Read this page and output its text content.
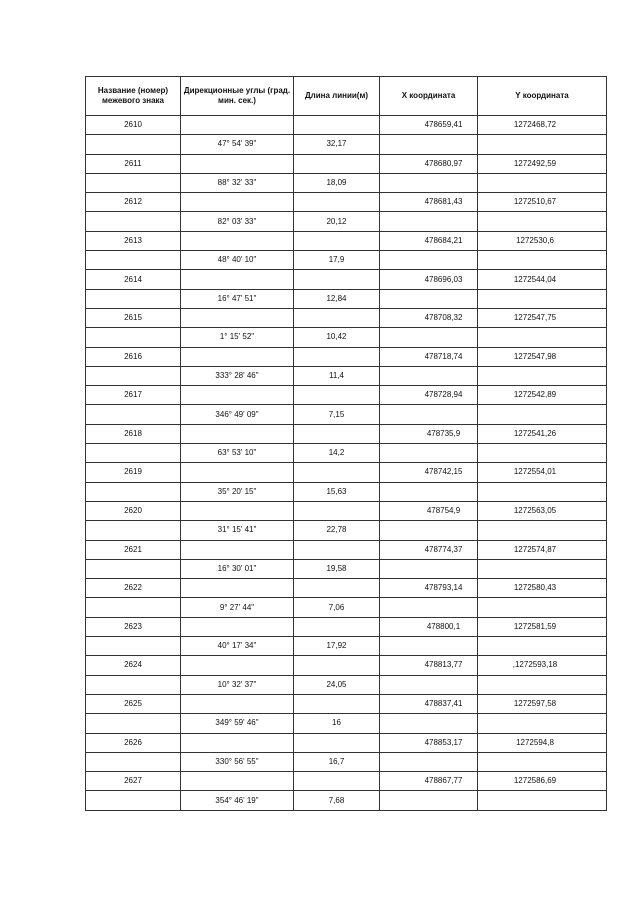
Название (номер) межевого знака	Дирекционные углы (град. мин. сек.)	Длина линии(м)	X координата	Y координата
2610			478659,41	1272468,72
	47° 54' 39"	32,17		
2611			478680,97	1272492,59
	88° 32' 33"	18,09		
2612			478681,43	1272510,67
	82° 03' 33"	20,12		
2613			478684,21	1272530,6
	48° 40' 10"	17,9		
2614			478696,03	1272544,04
	16° 47' 51"	12,84		
2615			478708,32	1272547,75
	1° 15' 52"	10,42		
2616			478718,74	1272547,98
	333° 28' 46"	11,4		
2617			478728,94	1272542,89
	346° 49' 09"	7,15		
2618			478735,9	1272541,26
	63° 53' 10"	14,2		
2619			478742,15	1272554,01
	35° 20' 15"	15,63		
2620			478754,9	1272563,05
	31° 15' 41"	22,78		
2621			478774,37	1272574,87
	16° 30' 01"	19,58		
2622			478793,14	1272580,43
	9° 27' 44"	7,06		
2623			478800,1	1272581,59
	40° 17' 34"	17,92		
2624			478813,77	,1272593,18
	10° 32' 37"	24,05		
2625			478837,41	1272597,58
	349° 59' 46"	16		
2626			478853,17	1272594,8
	330° 56' 55"	16,7		
2627			478867,77	1272586,69
	354° 46' 19"	7,68		
